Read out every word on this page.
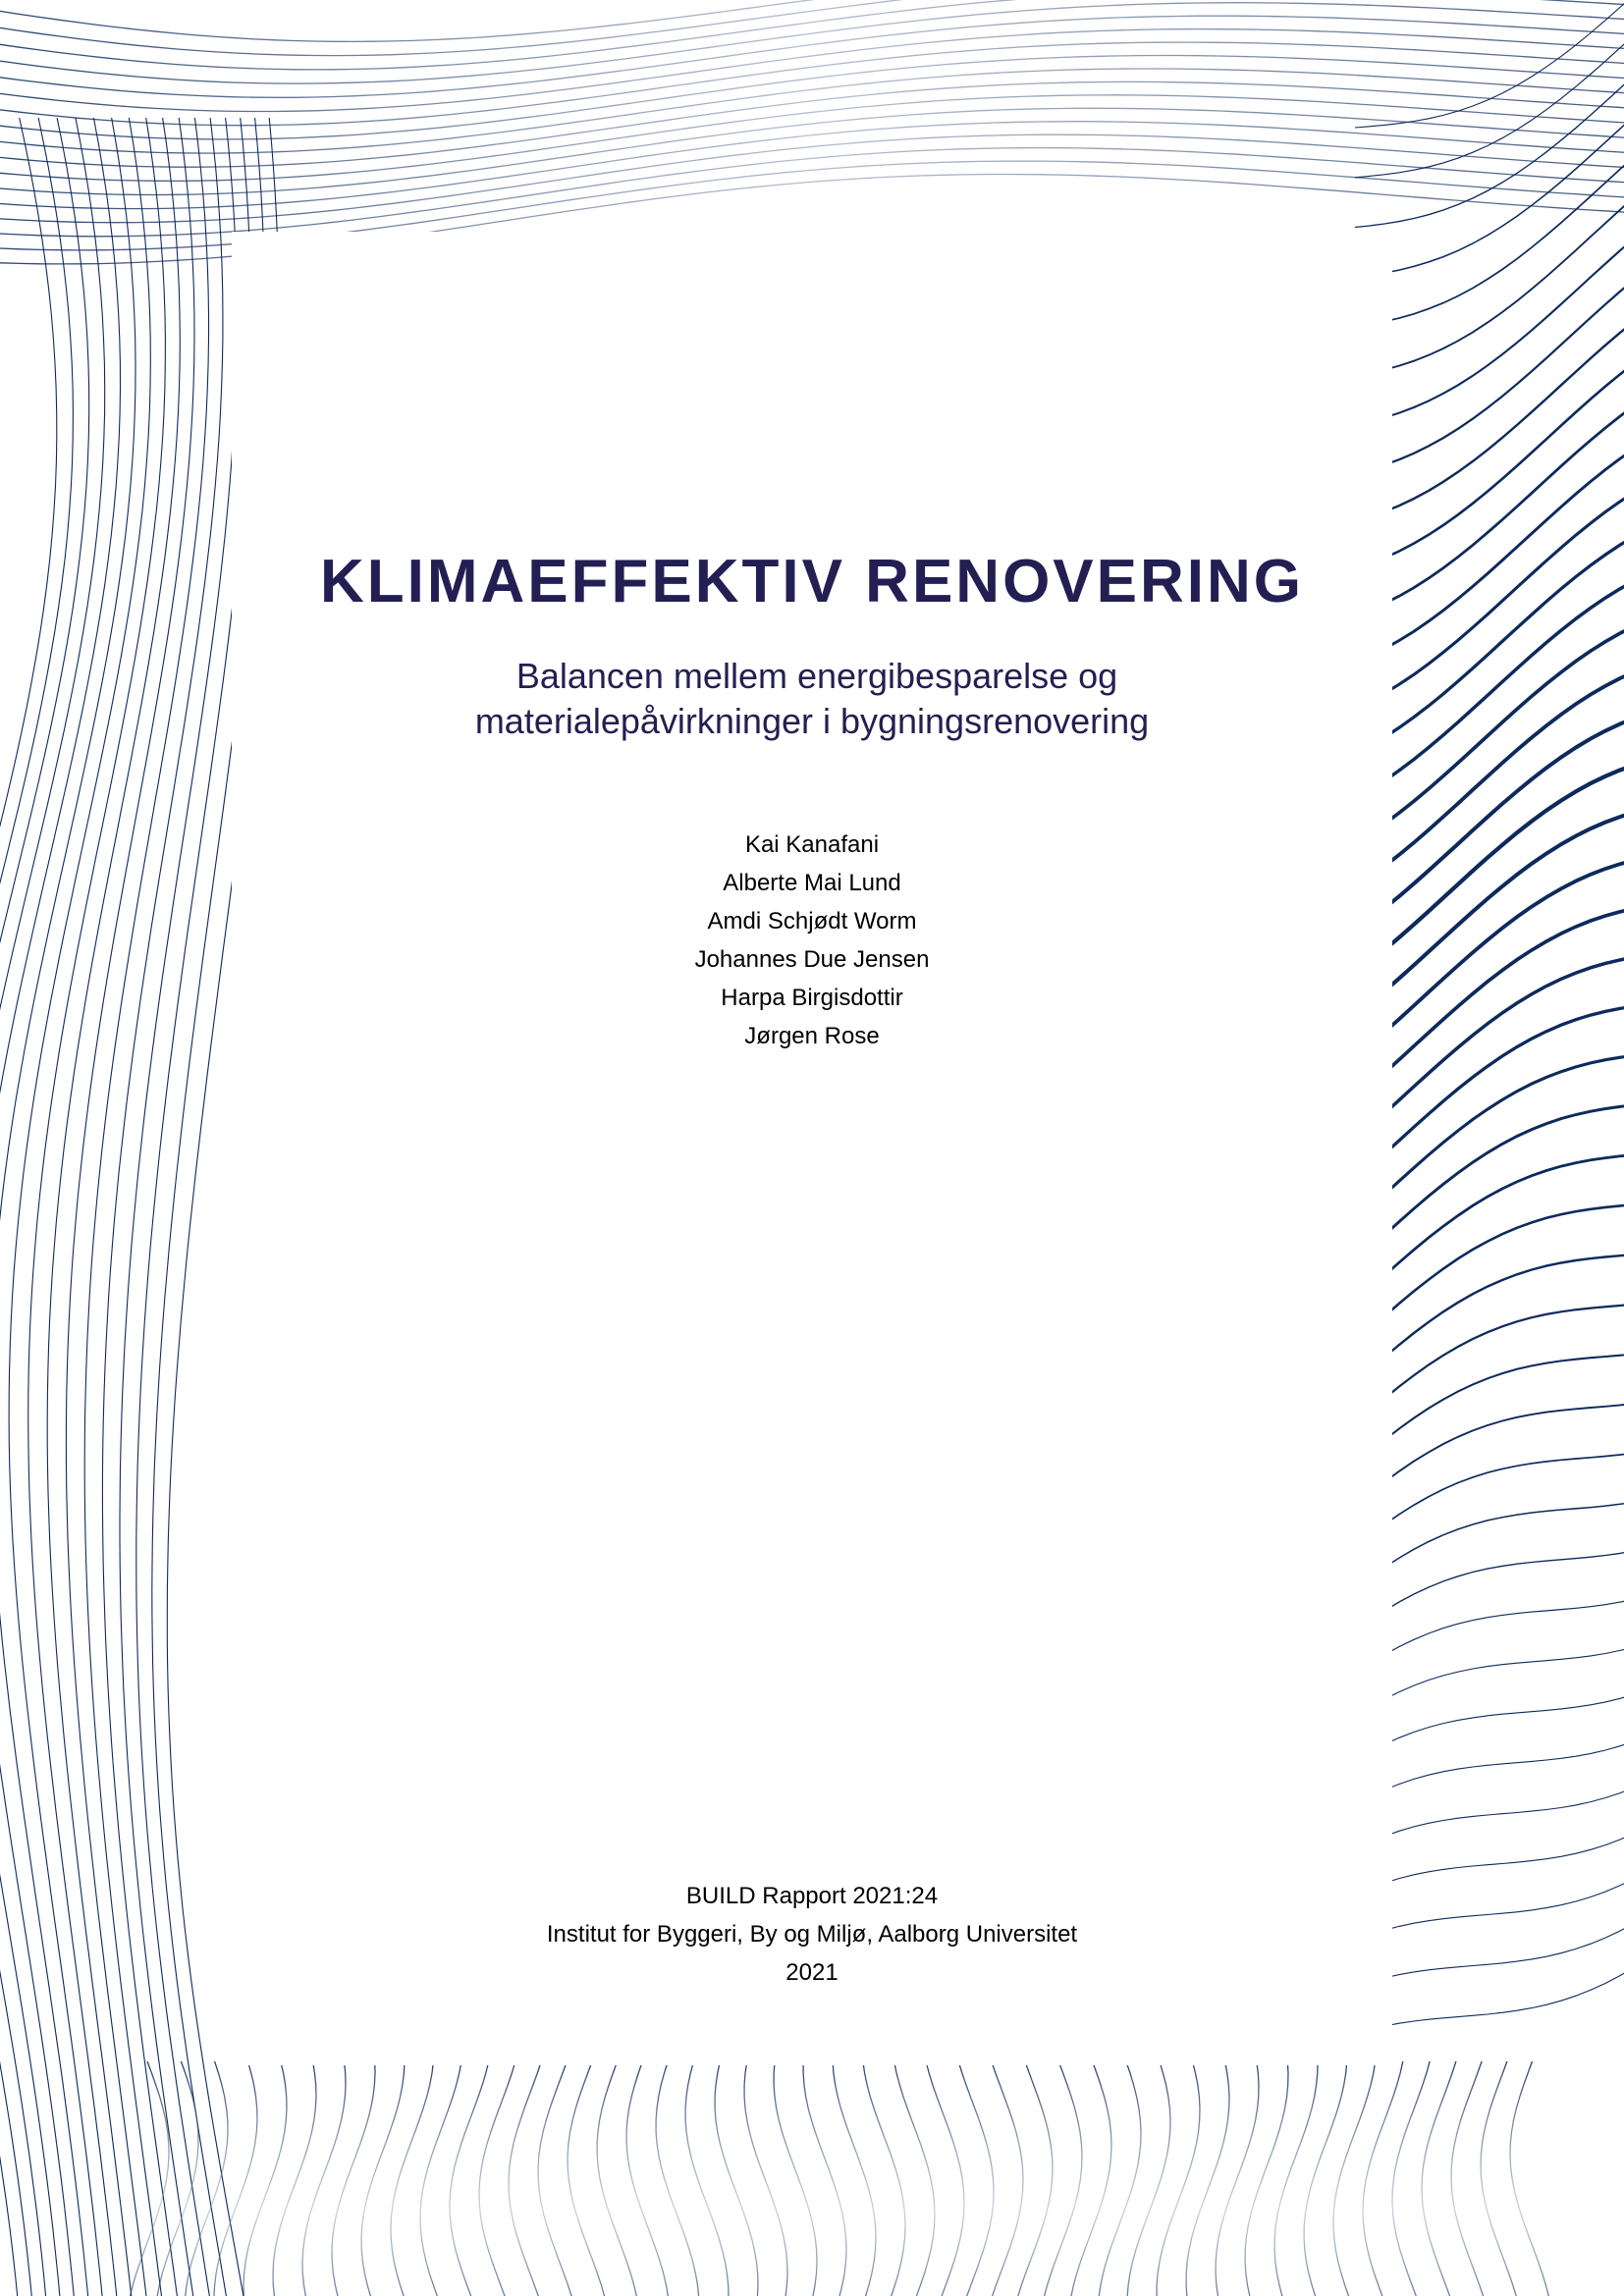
KLIMAEFFEKTIV RENOVERING
Balancen mellem energibesparelse og
materialepåvirkninger i bygningsrenovering
Kai Kanafani
Alberte Mai Lund
Amdi Schjødt Worm
Johannes Due Jensen
Harpa Birgisdottir
Jørgen Rose
BUILD Rapport 2021:24
Institut for Byggeri, By og Miljø, Aalborg Universitet
2021
